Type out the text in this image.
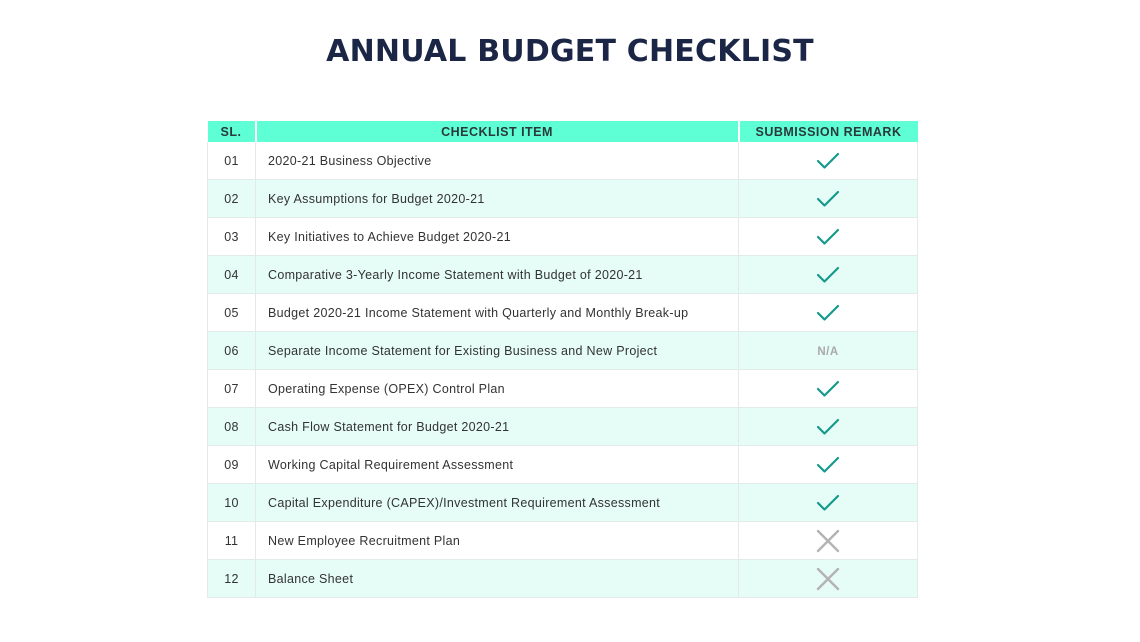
ANNUAL BUDGET CHECKLIST
SL.	CHECKLIST ITEM	SUBMISSION REMARK
01	2020-21 Business Objective	

02	Key Assumptions for Budget 2020-21	

03	Key Initiatives to Achieve Budget 2020-21	

04	Comparative 3-Yearly Income Statement with Budget of 2020-21	

05	Budget 2020-21 Income Statement with Quarterly and Monthly Break-up	

06	Separate Income Statement for Existing Business and New Project	N/A
07	Operating Expense (OPEX) Control Plan	

08	Cash Flow Statement for Budget 2020-21	

09	Working Capital Requirement Assessment	

10	Capital Expenditure (CAPEX)/Investment Requirement Assessment	

11	New Employee Recruitment Plan	

12	Balance Sheet	
